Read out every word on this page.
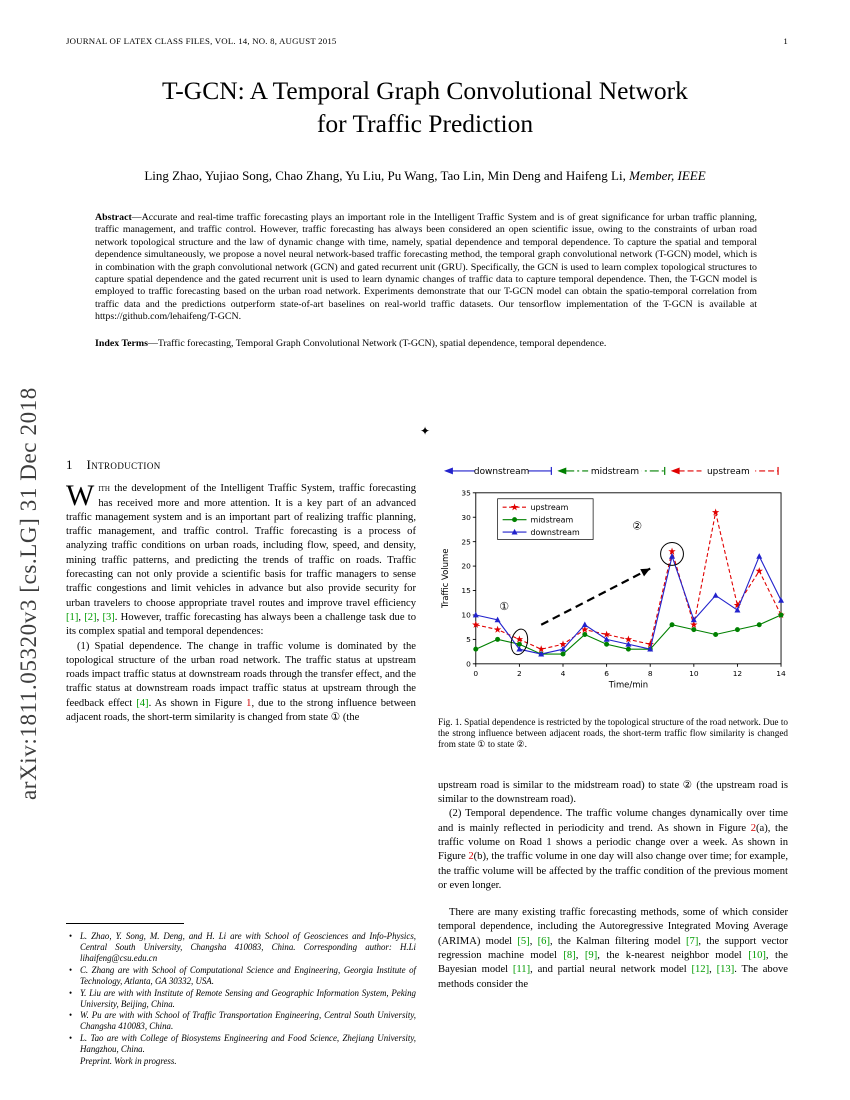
arXiv:1811.05320v3 [cs.LG] 31 Dec 2018
JOURNAL OF LATEX CLASS FILES, VOL. 14, NO. 8, AUGUST 2015	1
T-GCN: A Temporal Graph Convolutional Network for Traffic Prediction
Ling Zhao, Yujiao Song, Chao Zhang, Yu Liu, Pu Wang, Tao Lin, Min Deng and Haifeng Li, Member, IEEE
Abstract—Accurate and real-time traffic forecasting plays an important role in the Intelligent Traffic System and is of great significance for urban traffic planning, traffic management, and traffic control. However, traffic forecasting has always been considered an open scientific issue, owing to the constraints of urban road network topological structure and the law of dynamic change with time, namely, spatial dependence and temporal dependence. To capture the spatial and temporal dependence simultaneously, we propose a novel neural network-based traffic forecasting method, the temporal graph convolutional network (T-GCN) model, which is in combination with the graph convolutional network (GCN) and gated recurrent unit (GRU). Specifically, the GCN is used to learn complex topological structures to capture spatial dependence and the gated recurrent unit is used to learn dynamic changes of traffic data to capture temporal dependence. Then, the T-GCN model is employed to traffic forecasting based on the urban road network. Experiments demonstrate that our T-GCN model can obtain the spatio-temporal correlation from traffic data and the predictions outperform state-of-art baselines on real-world traffic datasets. Our tensorflow implementation of the T-GCN is available at https://github.com/lehaifeng/T-GCN.
Index Terms—Traffic forecasting, Temporal Graph Convolutional Network (T-GCN), spatial dependence, temporal dependence.
✦
1 Introduction

With the development of the Intelligent Traffic System, traffic forecasting has received more and more attention. It is a key part of an advanced traffic management system and is an important part of realizing traffic planning, traffic management, and traffic control. Traffic forecasting is a process of analyzing traffic conditions on urban roads, including flow, speed, and density, mining traffic patterns, and predicting the trends of traffic on roads. Traffic forecasting can not only provide a scientific basis for traffic managers to sense traffic congestions and limit vehicles in advance but also provide security for urban travelers to choose appropriate travel routes and improve travel efficiency [1], [2], [3]. However, traffic forecasting has always been a challenge task due to its complex spatial and temporal dependences:

(1) Spatial dependence. The change in traffic volume is dominated by the topological structure of the urban road network. The traffic status at upstream roads impact traffic status at downstream roads through the transfer effect, and the traffic status at downstream roads impact traffic status at upstream through the feedback effect [4]. As shown in Figure 1, due to the strong influence between adjacent roads, the short-term similarity is changed from state ① (the

• L. Zhao, Y. Song, M. Deng, and H. Li are with School of Geosciences and Info-Physics, Central South University, Changsha 410083, China. Corresponding author: H.Li lihaifeng@csu.edu.cn
• C. Zhang are with School of Computational Science and Engineering, Georgia Institute of Technology, Atlanta, GA 30332, USA.
• Y. Liu are with with Institute of Remote Sensing and Geographic Information System, Peking University, Beijing, China.
• W. Pu are with with School of Traffic Transportation Engineering, Central South University, Changsha 410083, China.
• L. Tao are with College of Biosystems Engineering and Food Science, Zhejiang University, Hangzhou, China.
Preprint. Work in progress.
downstream	midstream	upstream
0
5
10
15
20
25
30
35
0	2	4	6	8	10	12	14
Time/min
Traffic Volume
upstream
midstream
downstream
①
②
Fig. 1. Spatial dependence is restricted by the topological structure of the road network. Due to the strong influence between adjacent roads, the short-term traffic flow similarity is changed from state ① to state ②.

upstream road is similar to the midstream road) to state ② (the upstream road is similar to the downstream road).

(2) Temporal dependence. The traffic volume changes dynamically over time and is mainly reflected in periodicity and trend. As shown in Figure 2(a), the traffic volume on Road 1 shows a periodic change over a week. As shown in Figure 2(b), the traffic volume in one day will also change over time; for example, the traffic volume will be affected by the traffic condition of the previous moment or even longer.

There are many existing traffic forecasting methods, some of which consider temporal dependence, including the Autoregressive Integrated Moving Average (ARIMA) model [5], [6], the Kalman filtering model [7], the support vector regression machine model [8], [9], the k-nearest neighbor model [10], the Bayesian model [11], and partial neural network model [12], [13]. The above methods consider the
